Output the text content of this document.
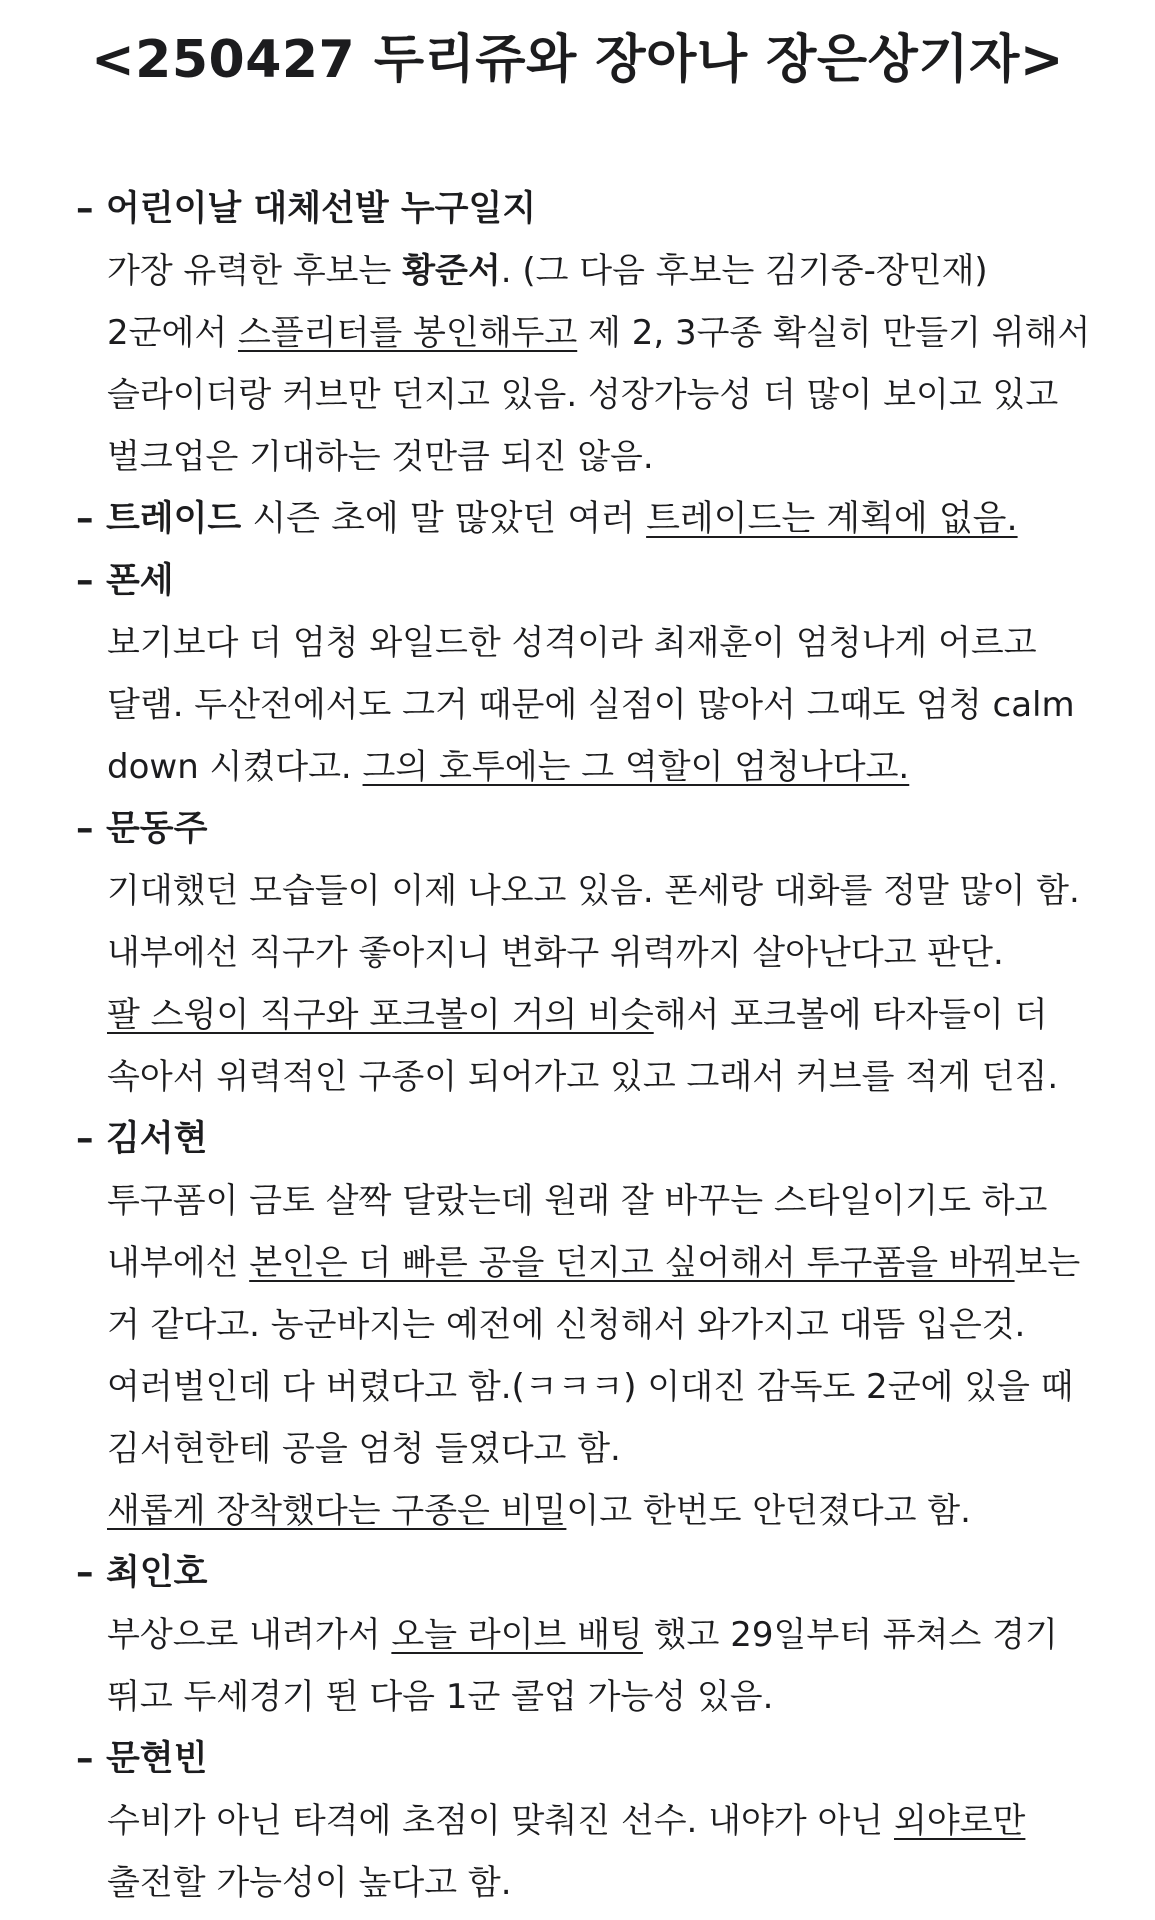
<250427 두리쥬와 장아나 장은상기자>
– 어린이날 대체선발 누구일지
가장 유력한 후보는 황준서. (그 다음 후보는 김기중-장민재)
2군에서 스플리터를 봉인해두고 제 2, 3구종 확실히 만들기 위해서
슬라이더랑 커브만 던지고 있음. 성장가능성 더 많이 보이고 있고
벌크업은 기대하는 것만큼 되진 않음.
– 트레이드 시즌 초에 말 많았던 여러 트레이드는 계획에 없음.
– 폰세
보기보다 더 엄청 와일드한 성격이라 최재훈이 엄청나게 어르고
달램. 두산전에서도 그거 때문에 실점이 많아서 그때도 엄청 calm
down 시켰다고. 그의 호투에는 그 역할이 엄청나다고.
– 문동주
기대했던 모습들이 이제 나오고 있음. 폰세랑 대화를 정말 많이 함.
내부에선 직구가 좋아지니 변화구 위력까지 살아난다고 판단.
팔 스윙이 직구와 포크볼이 거의 비슷해서 포크볼에 타자들이 더
속아서 위력적인 구종이 되어가고 있고 그래서 커브를 적게 던짐.
– 김서현
투구폼이 금토 살짝 달랐는데 원래 잘 바꾸는 스타일이기도 하고
내부에선 본인은 더 빠른 공을 던지고 싶어해서 투구폼을 바꿔보는
거 같다고. 농군바지는 예전에 신청해서 와가지고 대뜸 입은것.
여러벌인데 다 버렸다고 함.(ㅋㅋㅋ) 이대진 감독도 2군에 있을 때
김서현한테 공을 엄청 들였다고 함.
새롭게 장착했다는 구종은 비밀이고 한번도 안던졌다고 함.
– 최인호
부상으로 내려가서 오늘 라이브 배팅 했고 29일부터 퓨쳐스 경기
뛰고 두세경기 뛴 다음 1군 콜업 가능성 있음.
– 문현빈
수비가 아닌 타격에 초점이 맞춰진 선수. 내야가 아닌 외야로만
출전할 가능성이 높다고 함.
